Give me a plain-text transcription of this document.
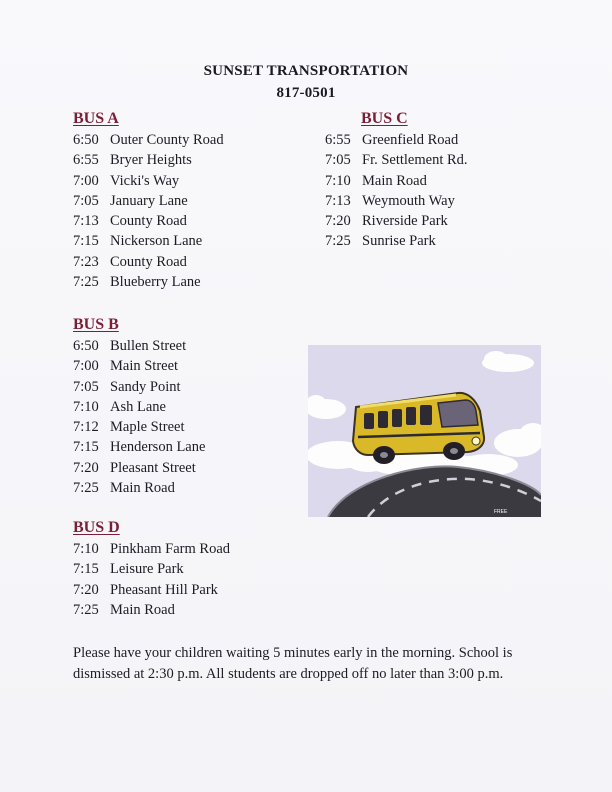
SUNSET TRANSPORTATION
817-0501
BUS A
6:50 Outer County Road
6:55 Bryer Heights
7:00 Vicki's Way
7:05 January Lane
7:13 County Road
7:15 Nickerson Lane
7:23 County Road
7:25 Blueberry Lane
BUS C
6:55 Greenfield Road
7:05 Fr. Settlement Rd.
7:10 Main Road
7:13 Weymouth Way
7:20 Riverside Park
7:25 Sunrise Park
BUS B
6:50 Bullen Street
7:00 Main Street
7:05 Sandy Point
7:10 Ash Lane
7:12 Maple Street
7:15 Henderson Lane
7:20 Pleasant Street
7:25 Main Road
BUS D
7:10 Pinkham Farm Road
7:15 Leisure Park
7:20 Pheasant Hill Park
7:25 Main Road
FREE
Please have your children waiting 5 minutes early in the morning. School is dismissed at 2:30 p.m. All students are dropped off no later than 3:00 p.m.
